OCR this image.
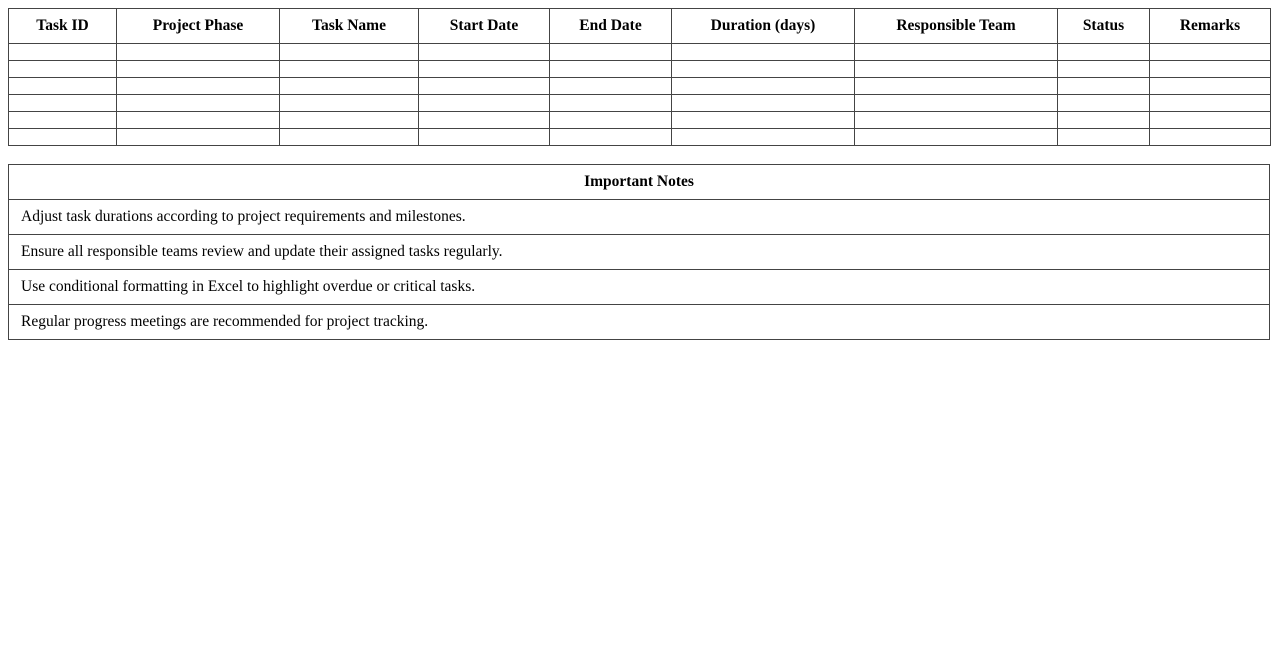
Task ID	Project Phase	Task Name	Start Date	End Date	Duration (days)	Responsible Team	Status	Remarks

Important Notes
Adjust task durations according to project requirements and milestones.
Ensure all responsible teams review and update their assigned tasks regularly.
Use conditional formatting in Excel to highlight overdue or critical tasks.
Regular progress meetings are recommended for project tracking.
